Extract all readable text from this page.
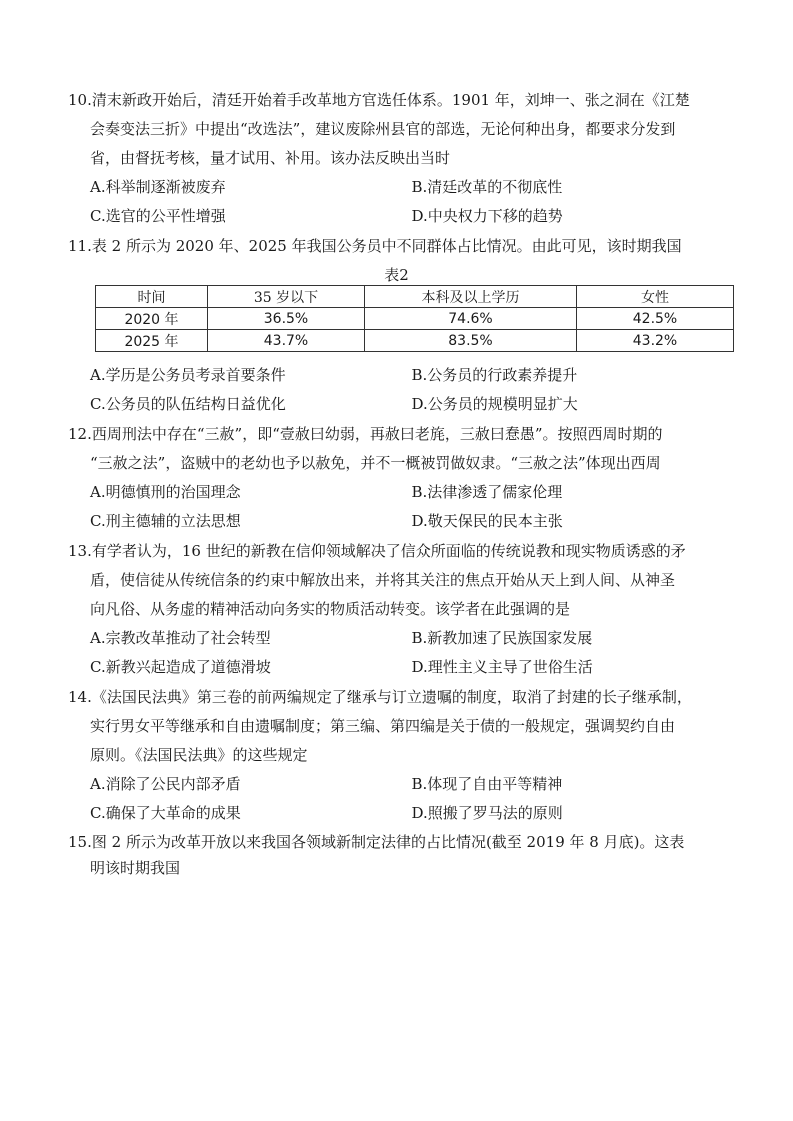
10.清末新政开始后，清廷开始着手改革地方官选任体系。1901 年，刘坤一、张之洞在《江楚
会奏变法三折》中提出“改选法”，建议废除州县官的部选，无论何种出身，都要求分发到
省，由督抚考核，量才试用、补用。该办法反映出当时

A.科举制逐渐被废弃	B.清廷改革的不彻底性
C.选官的公平性增强	D.中央权力下移的趋势

11.表 2 所示为 2020 年、2025 年我国公务员中不同群体占比情况。由此可见，该时期我国

表2
时间	35 岁以下	本科及以上学历	女性
2020 年	36.5%	74.6%	42.5%
2025 年	43.7%	83.5%	43.2%
A.学历是公务员考录首要条件	B.公务员的行政素养提升
C.公务员的队伍结构日益优化	D.公务员的规模明显扩大

12.西周刑法中存在“三赦”，即“壹赦曰幼弱，再赦曰老旄，三赦曰惷愚”。按照西周时期的
“三赦之法”，盗贼中的老幼也予以赦免，并不一概被罚做奴隶。“三赦之法”体现出西周

A.明德慎刑的治国理念	B.法律渗透了儒家伦理
C.刑主德辅的立法思想	D.敬天保民的民本主张

13.有学者认为，16 世纪的新教在信仰领域解决了信众所面临的传统说教和现实物质诱惑的矛
盾，使信徒从传统信条的约束中解放出来，并将其关注的焦点开始从天上到人间、从神圣
向凡俗、从务虚的精神活动向务实的物质活动转变。该学者在此强调的是

A.宗教改革推动了社会转型	B.新教加速了民族国家发展
C.新教兴起造成了道德滑坡	D.理性主义主导了世俗生活

14.《法国民法典》第三卷的前两编规定了继承与订立遗嘱的制度，取消了封建的长子继承制，
实行男女平等继承和自由遗嘱制度；第三编、第四编是关于债的一般规定，强调契约自由
原则。《法国民法典》的这些规定

A.消除了公民内部矛盾	B.体现了自由平等精神
C.确保了大革命的成果	D.照搬了罗马法的原则

15.图 2 所示为改革开放以来我国各领域新制定法律的占比情况(截至 2019 年 8 月底)。这表
明该时期我国
